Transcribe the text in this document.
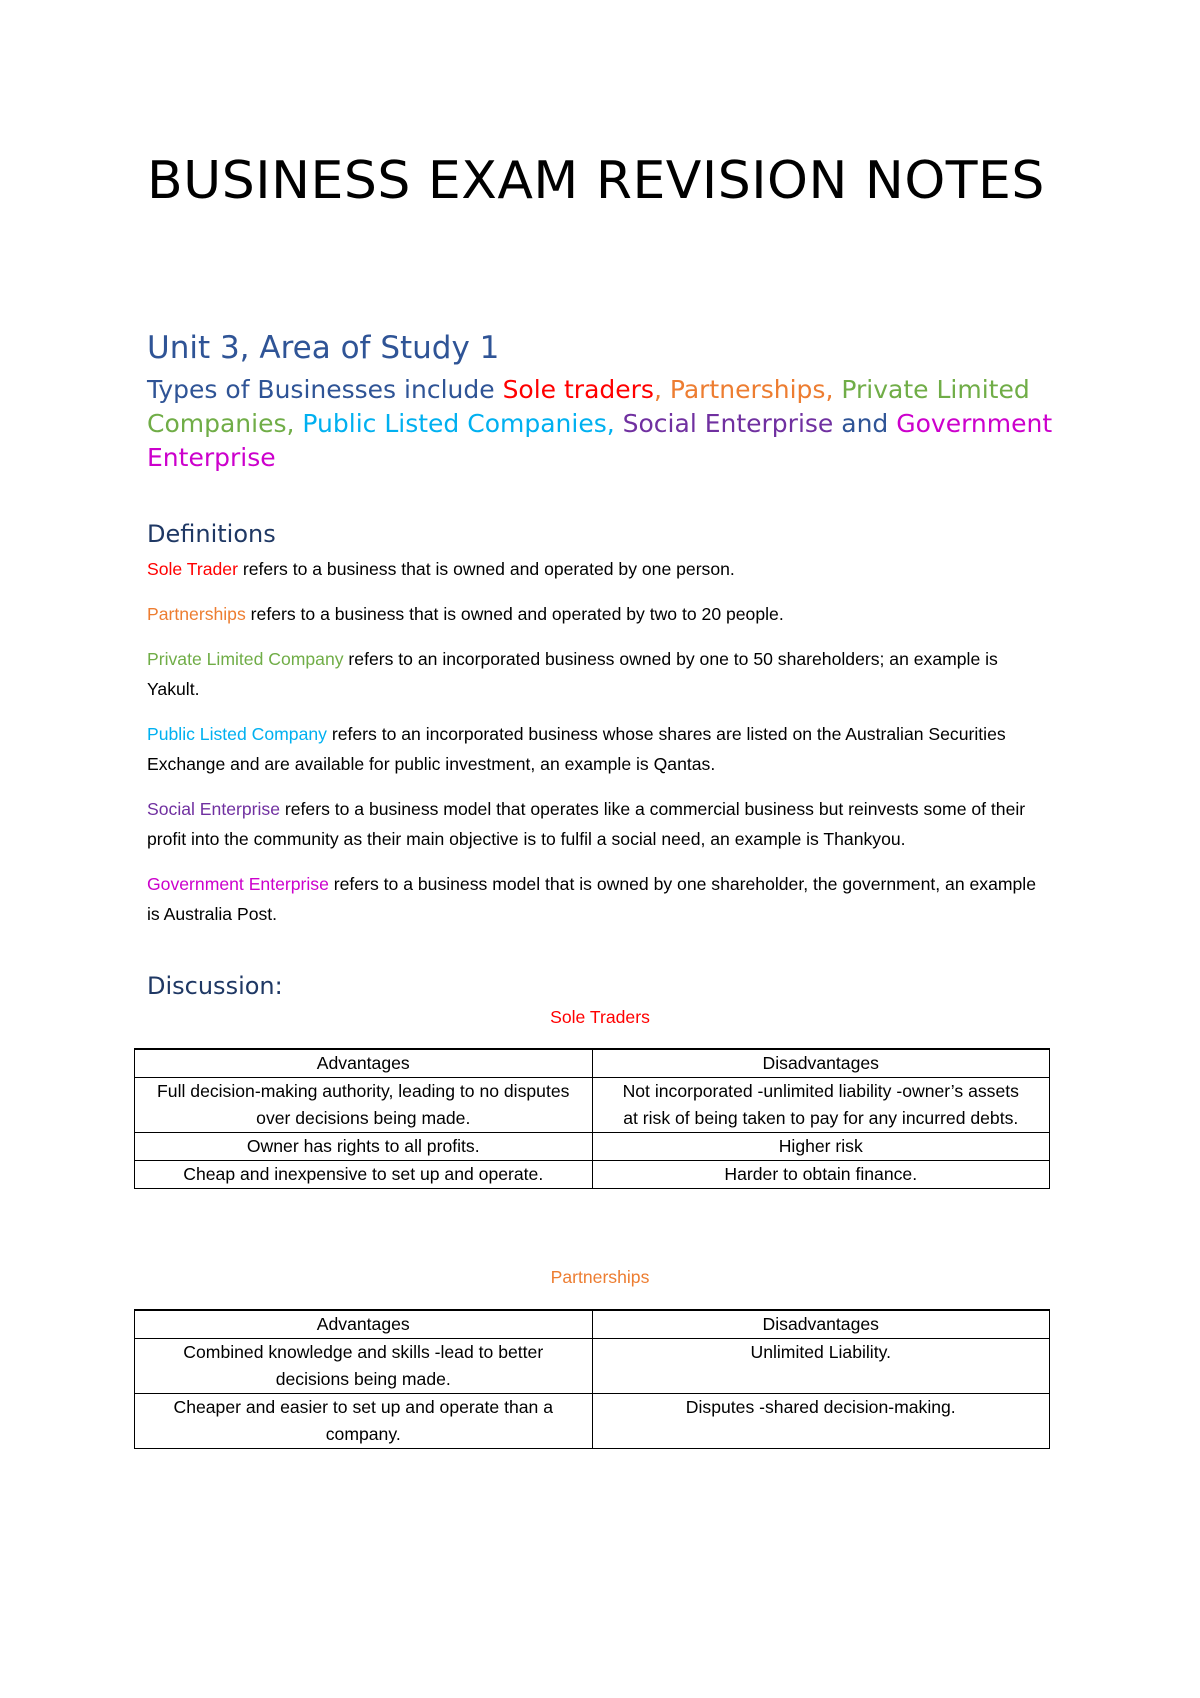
BUSINESS EXAM REVISION NOTES
Unit 3, Area of Study 1

Types of Businesses include Sole traders, Partnerships, Private Limited Companies, Public Listed Companies, Social Enterprise and Government Enterprise

Definitions

Sole Trader refers to a business that is owned and operated by one person.

Partnerships refers to a business that is owned and operated by two to 20 people.

Private Limited Company refers to an incorporated business owned by one to 50 shareholders; an example is Yakult.

Public Listed Company refers to an incorporated business whose shares are listed on the Australian Securities Exchange and are available for public investment, an example is Qantas.

Social Enterprise refers to a business model that operates like a commercial business but reinvests some of their profit into the community as their main objective is to fulfil a social need, an example is Thankyou.

Government Enterprise refers to a business model that is owned by one shareholder, the government, an example is Australia Post.

Discussion:
Sole Traders
Advantages	Disadvantages
Full decision-making authority, leading to no disputes over decisions being made.	Not incorporated -unlimited liability -owner’s assets at risk of being taken to pay for any incurred debts.
Owner has rights to all profits.	Higher risk
Cheap and inexpensive to set up and operate.	Harder to obtain finance.
Partnerships
Advantages	Disadvantages
Combined knowledge and skills -lead to better decisions being made.	Unlimited Liability.
Cheaper and easier to set up and operate than a company.	Disputes -shared decision-making.
